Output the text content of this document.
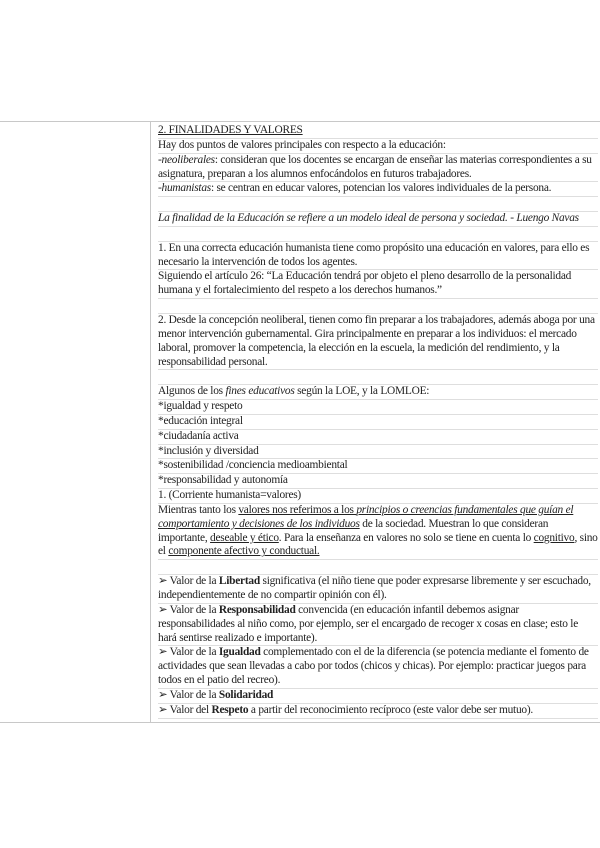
2. FINALIDADES Y VALORES

Hay dos puntos de valores principales con respecto a la educación:

-neoliberales: consideran que los docentes se encargan de enseñar las materias correspondientes a su asignatura, preparan a los alumnos enfocándolos en futuros trabajadores.

-humanistas: se centran en educar valores, potencian los valores individuales de la persona.

La finalidad de la Educación se refiere a un modelo ideal de persona y sociedad. - Luengo Navas

1. En una correcta educación humanista tiene como propósito una educación en valores, para ello es necesario la intervención de todos los agentes.

Siguiendo el artículo 26: “La Educación tendrá por objeto el pleno desarrollo de la personalidad humana y el fortalecimiento del respeto a los derechos humanos.”

2. Desde la concepción neoliberal, tienen como fin preparar a los trabajadores, además aboga por una menor intervención gubernamental. Gira principalmente en preparar a los individuos: el mercado laboral, promover la competencia, la elección en la escuela, la medición del rendimiento, y la responsabilidad personal.

Algunos de los fines educativos según la LOE, y la LOMLOE:

*igualdad y respeto

*educación integral

*ciudadanía activa

*inclusión y diversidad

*sostenibilidad /conciencia medioambiental

*responsabilidad y autonomía

1. (Corriente humanista=valores)

Mientras tanto los valores nos referimos a los principios o creencias fundamentales que guían el comportamiento y decisiones de los individuos de la sociedad. Muestran lo que consideran importante, deseable y ético. Para la enseñanza en valores no solo se tiene en cuenta lo cognitivo, sino el componente afectivo y conductual.

➢ Valor de la Libertad significativa (el niño tiene que poder expresarse libremente y ser escuchado, independientemente de no compartir opinión con él).

➢ Valor de la Responsabilidad convencida (en educación infantil debemos asignar responsabilidades al niño como, por ejemplo, ser el encargado de recoger x cosas en clase; esto le hará sentirse realizado e importante).

➢ Valor de la Igualdad complementado con el de la diferencia (se potencia mediante el fomento de actividades que sean llevadas a cabo por todos (chicos y chicas). Por ejemplo: practicar juegos para todos en el patio del recreo).

➢ Valor de la Solidaridad

➢ Valor del Respeto a partir del reconocimiento recíproco (este valor debe ser mutuo).
